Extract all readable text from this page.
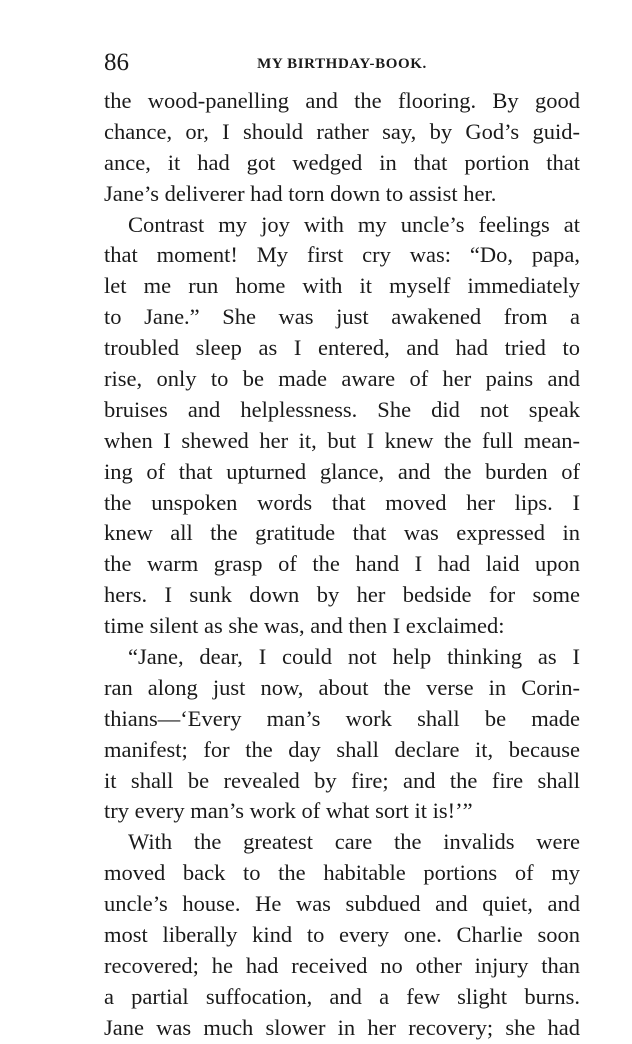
86	MY BIRTHDAY-BOOK.
the wood-panelling and the flooring. By good
chance, or, I should rather say, by God’s guid-
ance, it had got wedged in that portion that
Jane’s deliverer had torn down to assist her.
Contrast my joy with my uncle’s feelings at
that moment! My first cry was: “Do, papa,
let me run home with it myself immediately
to Jane.” She was just awakened from a
troubled sleep as I entered, and had tried to
rise, only to be made aware of her pains and
bruises and helplessness. She did not speak
when I shewed her it, but I knew the full mean-
ing of that upturned glance, and the burden of
the unspoken words that moved her lips. I
knew all the gratitude that was expressed in
the warm grasp of the hand I had laid upon
hers. I sunk down by her bedside for some
time silent as she was, and then I exclaimed:
“Jane, dear, I could not help thinking as I
ran along just now, about the verse in Corin-
thians—‘Every man’s work shall be made
manifest; for the day shall declare it, because
it shall be revealed by fire; and the fire shall
try every man’s work of what sort it is!’”
With the greatest care the invalids were
moved back to the habitable portions of my
uncle’s house. He was subdued and quiet, and
most liberally kind to every one. Charlie soon
recovered; he had received no other injury than
a partial suffocation, and a few slight burns.
Jane was much slower in her recovery; she had
